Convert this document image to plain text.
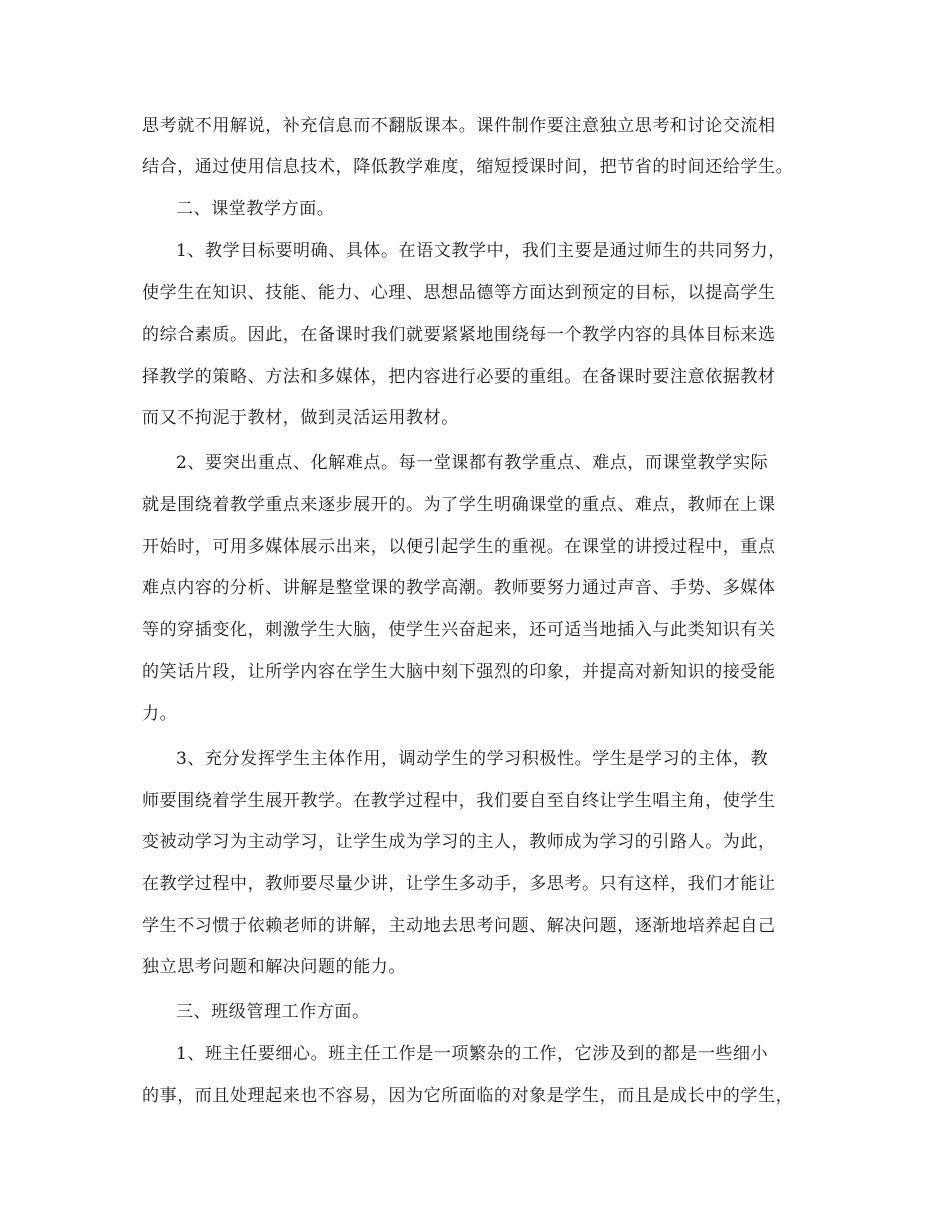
思考就不用解说，补充信息而不翻版课本。课件制作要注意独立思考和讨论交流相
结合，通过使用信息技术，降低教学难度，缩短授课时间，把节省的时间还给学生。
二、课堂教学方面。
1、教学目标要明确、具体。在语文教学中，我们主要是通过师生的共同努力，
使学生在知识、技能、能力、心理、思想品德等方面达到预定的目标，以提高学生
的综合素质。因此，在备课时我们就要紧紧地围绕每一个教学内容的具体目标来选
择教学的策略、方法和多媒体，把内容进行必要的重组。在备课时要注意依据教材
而又不拘泥于教材，做到灵活运用教材。
2、要突出重点、化解难点。每一堂课都有教学重点、难点，而课堂教学实际
就是围绕着教学重点来逐步展开的。为了学生明确课堂的重点、难点，教师在上课
开始时，可用多媒体展示出来，以便引起学生的重视。在课堂的讲授过程中，重点
难点内容的分析、讲解是整堂课的教学高潮。教师要努力通过声音、手势、多媒体
等的穿插变化，刺激学生大脑，使学生兴奋起来，还可适当地插入与此类知识有关
的笑话片段，让所学内容在学生大脑中刻下强烈的印象，并提高对新知识的接受能
力。
3、充分发挥学生主体作用，调动学生的学习积极性。学生是学习的主体，教
师要围绕着学生展开教学。在教学过程中，我们要自至自终让学生唱主角，使学生
变被动学习为主动学习，让学生成为学习的主人，教师成为学习的引路人。为此，
在教学过程中，教师要尽量少讲，让学生多动手，多思考。只有这样，我们才能让
学生不习惯于依赖老师的讲解，主动地去思考问题、解决问题，逐渐地培养起自己
独立思考问题和解决问题的能力。
三、班级管理工作方面。
1、班主任要细心。班主任工作是一项繁杂的工作，它涉及到的都是一些细小
的事，而且处理起来也不容易，因为它所面临的对象是学生，而且是成长中的学生，
